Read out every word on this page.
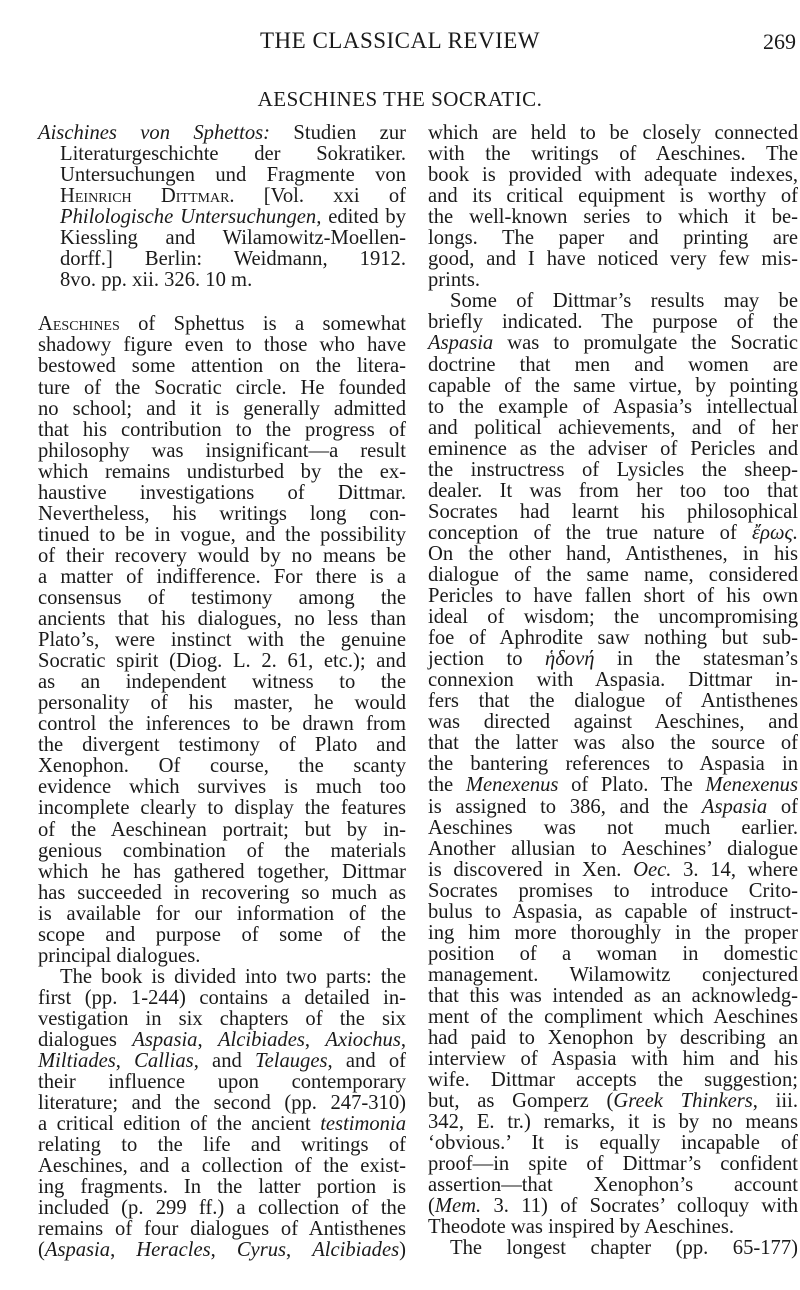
THE CLASSICAL REVIEW	269
AESCHINES THE SOCRATIC.
Aischines von Sphettos: Studien zur
Literaturgeschichte der Sokratiker.
Untersuchungen und Fragmente von
Heinrich Dittmar. [Vol. xxi of
Philologische Untersuchungen, edited by
Kiessling and Wilamowitz-Moellen-
dorff.] Berlin: Weidmann, 1912.
8vo. pp. xii. 326. 10 m.
Aeschines of Sphettus is a somewhat
shadowy figure even to those who have
bestowed some attention on the litera-
ture of the Socratic circle. He founded
no school; and it is generally admitted
that his contribution to the progress of
philosophy was insignificant—a result
which remains undisturbed by the ex-
haustive investigations of Dittmar.
Nevertheless, his writings long con-
tinued to be in vogue, and the possibility
of their recovery would by no means be
a matter of indifference. For there is a
consensus of testimony among the
ancients that his dialogues, no less than
Plato’s, were instinct with the genuine
Socratic spirit (Diog. L. 2. 61, etc.); and
as an independent witness to the
personality of his master, he would
control the inferences to be drawn from
the divergent testimony of Plato and
Xenophon. Of course, the scanty
evidence which survives is much too
incomplete clearly to display the features
of the Aeschinean portrait; but by in-
genious combination of the materials
which he has gathered together, Dittmar
has succeeded in recovering so much as
is available for our information of the
scope and purpose of some of the
principal dialogues.
The book is divided into two parts: the
first (pp. 1-244) contains a detailed in-
vestigation in six chapters of the six
dialogues Aspasia, Alcibiades, Axiochus,
Miltiades, Callias, and Telauges, and of
their influence upon contemporary
literature; and the second (pp. 247-310)
a critical edition of the ancient testimonia
relating to the life and writings of
Aeschines, and a collection of the exist-
ing fragments. In the latter portion is
included (p. 299 ff.) a collection of the
remains of four dialogues of Antisthenes
(Aspasia, Heracles, Cyrus, Alcibiades)
which are held to be closely connected
with the writings of Aeschines. The
book is provided with adequate indexes,
and its critical equipment is worthy of
the well-known series to which it be-
longs. The paper and printing are
good, and I have noticed very few mis-
prints.
Some of Dittmar’s results may be
briefly indicated. The purpose of the
Aspasia was to promulgate the Socratic
doctrine that men and women are
capable of the same virtue, by pointing
to the example of Aspasia’s intellectual
and political achievements, and of her
eminence as the adviser of Pericles and
the instructress of Lysicles the sheep-
dealer. It was from her too too that
Socrates had learnt his philosophical
conception of the true nature of ἔρως.
On the other hand, Antisthenes, in his
dialogue of the same name, considered
Pericles to have fallen short of his own
ideal of wisdom; the uncompromising
foe of Aphrodite saw nothing but sub-
jection to ἡδονή in the statesman’s
connexion with Aspasia. Dittmar in-
fers that the dialogue of Antisthenes
was directed against Aeschines, and
that the latter was also the source of
the bantering references to Aspasia in
the Menexenus of Plato. The Menexenus
is assigned to 386, and the Aspasia of
Aeschines was not much earlier.
Another allusian to Aeschines’ dialogue
is discovered in Xen. Oec. 3. 14, where
Socrates promises to introduce Crito-
bulus to Aspasia, as capable of instruct-
ing him more thoroughly in the proper
position of a woman in domestic
management. Wilamowitz conjectured
that this was intended as an acknowledg-
ment of the compliment which Aeschines
had paid to Xenophon by describing an
interview of Aspasia with him and his
wife. Dittmar accepts the suggestion;
but, as Gomperz (Greek Thinkers, iii.
342, E. tr.) remarks, it is by no means
‘obvious.’ It is equally incapable of
proof—in spite of Dittmar’s confident
assertion—that Xenophon’s account
(Mem. 3. 11) of Socrates’ colloquy with
Theodote was inspired by Aeschines.
The longest chapter (pp. 65-177)
